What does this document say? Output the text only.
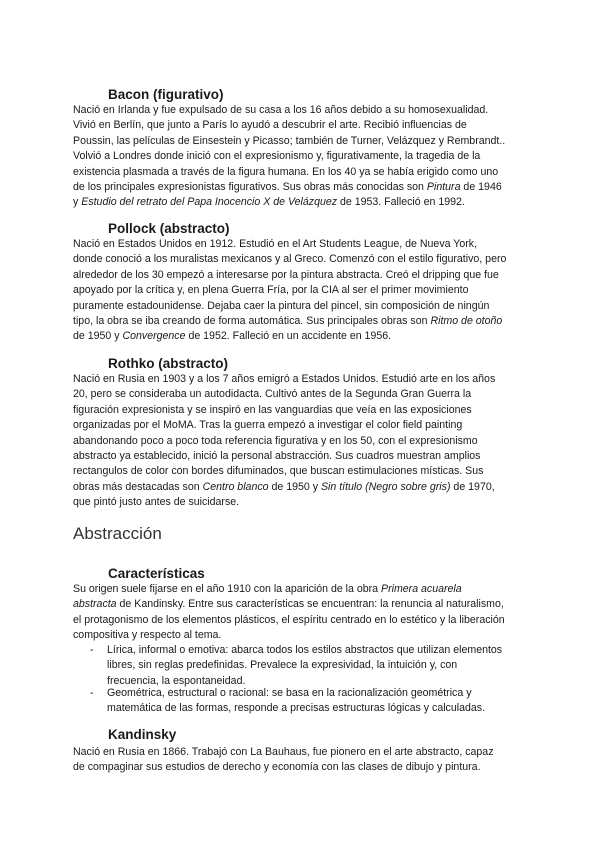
Bacon (figurativo)
Nació en Irlanda y fue expulsado de su casa a los 16 años debido a su homosexualidad.
Vivió en Berlín, que junto a París lo ayudó a descubrir el arte. Recibió influencias de
Poussin, las películas de Einsestein y Picasso; también de Turner, Velázquez y Rembrandt..
Volvió a Londres donde inició con el expresionismo y, figurativamente, la tragedia de la
existencia plasmada a través de la figura humana. En los 40 ya se había erigido como uno
de los principales expresionistas figurativos. Sus obras más conocidas son Pintura de 1946
y Estudio del retrato del Papa Inocencio X de Velázquez de 1953. Falleció en 1992.
Pollock (abstracto)
Nació en Estados Unidos en 1912. Estudió en el Art Students League, de Nueva York,
donde conoció a los muralistas mexicanos y al Greco. Comenzó con el estilo figurativo, pero
alrededor de los 30 empezó a interesarse por la pintura abstracta. Creó el dripping que fue
apoyado por la crítica y, en plena Guerra Fría, por la CIA al ser el primer movimiento
puramente estadounidense. Dejaba caer la pintura del pincel, sin composición de ningún
tipo, la obra se iba creando de forma automática. Sus principales obras son Ritmo de otoño
de 1950 y Convergence de 1952. Falleció en un accidente en 1956.
Rothko (abstracto)
Nació en Rusia en 1903 y a los 7 años emigró a Estados Unidos. Estudió arte en los años
20, pero se consideraba un autodidacta. Cultivó antes de la Segunda Gran Guerra la
figuración expresionista y se inspiró en las vanguardias que veía en las exposiciones
organizadas por el MoMA. Tras la guerra empezó a investigar el color field painting
abandonando poco a poco toda referencia figurativa y en los 50, con el expresionismo
abstracto ya establecido, inició la personal abstracción. Sus cuadros muestran amplios
rectangulos de color con bordes difuminados, que buscan estimulaciones místicas. Sus
obras más destacadas son Centro blanco de 1950 y Sin título (Negro sobre gris) de 1970,
que pintó justo antes de suicidarse.
Abstracción
Características
Su origen suele fijarse en el año 1910 con la aparición de la obra Primera acuarela
abstracta de Kandinsky. Entre sus características se encuentran: la renuncia al naturalismo,
el protagonismo de los elementos plásticos, el espíritu centrado en lo estético y la liberación
compositiva y respecto al tema.
- Lírica, informal o emotiva: abarca todos los estilos abstractos que utilizan elementos
libres, sin reglas predefinidas. Prevalece la expresividad, la intuición y, con
frecuencia, la espontaneidad.
- Geométrica, estructural o racional: se basa en la racionalización geométrica y
matemática de las formas, responde a precisas estructuras lógicas y calculadas.
Kandinsky
Nació en Rusia en 1866. Trabajó con La Bauhaus, fue pionero en el arte abstracto, capaz
de compaginar sus estudios de derecho y economía con las clases de dibujo y pintura.
